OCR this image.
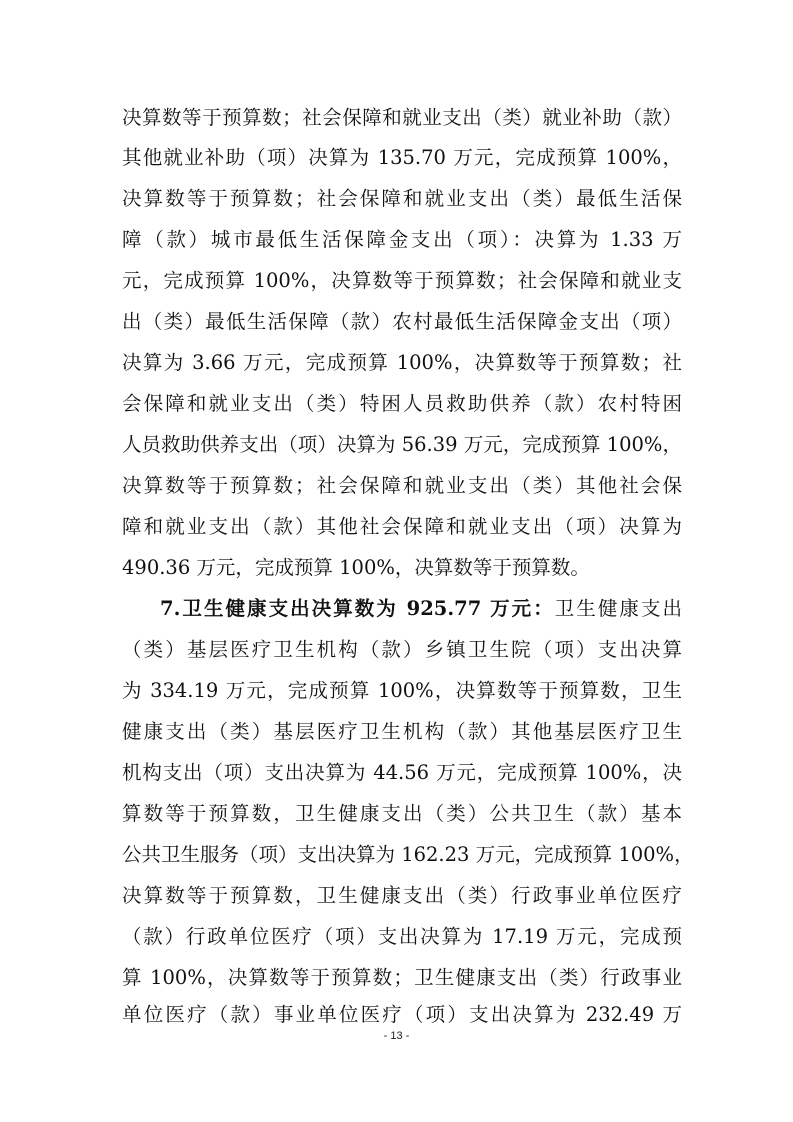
决算数等于预算数；社会保障和就业支出（类）就业补助（款）
其他就业补助（项）决算为 135.70 万元，完成预算 100%，
决算数等于预算数；社会保障和就业支出（类）最低生活保
障（款）城市最低生活保障金支出（项）：决算为 1.33 万
元，完成预算 100%，决算数等于预算数；社会保障和就业支
出（类）最低生活保障（款）农村最低生活保障金支出（项）
决算为 3.66 万元，完成预算 100%，决算数等于预算数；社
会保障和就业支出（类）特困人员救助供养（款）农村特困
人员救助供养支出（项）决算为 56.39 万元，完成预算 100%，
决算数等于预算数；社会保障和就业支出（类）其他社会保
障和就业支出（款）其他社会保障和就业支出（项）决算为
490.36 万元，完成预算 100%，决算数等于预算数。
7.卫生健康支出决算数为 925.77 万元：卫生健康支出
（类）基层医疗卫生机构（款）乡镇卫生院（项）支出决算
为 334.19 万元，完成预算 100%，决算数等于预算数，卫生
健康支出（类）基层医疗卫生机构（款）其他基层医疗卫生
机构支出（项）支出决算为 44.56 万元，完成预算 100%，决
算数等于预算数，卫生健康支出（类）公共卫生（款）基本
公共卫生服务（项）支出决算为 162.23 万元，完成预算 100%，
决算数等于预算数，卫生健康支出（类）行政事业单位医疗
（款）行政单位医疗（项）支出决算为 17.19 万元，完成预
算 100%，决算数等于预算数；卫生健康支出（类）行政事业
单位医疗（款）事业单位医疗（项）支出决算为 232.49 万
- 13 -
